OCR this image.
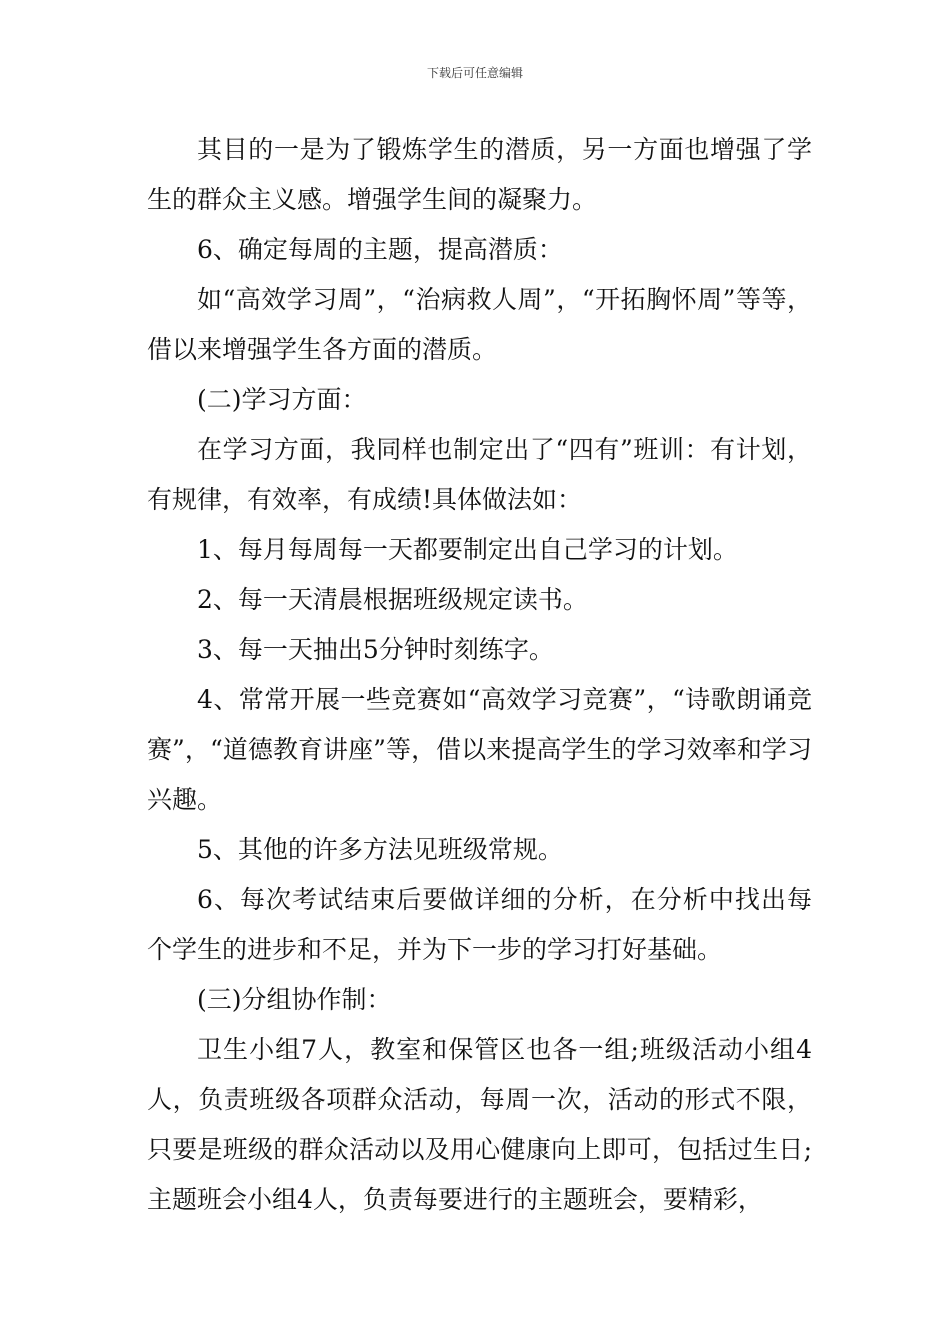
下载后可任意编辑

其目的一是为了锻炼学生的潜质，另一方面也增强了学生的群众主义感。增强学生间的凝聚力。

6、确定每周的主题，提高潜质：

如“高效学习周”，“治病救人周”，“开拓胸怀周”等等，借以来增强学生各方面的潜质。

(二)学习方面：

在学习方面，我同样也制定出了“四有”班训：有计划，有规律，有效率，有成绩!具体做法如：

1、每月每周每一天都要制定出自己学习的计划。

2、每一天清晨根据班级规定读书。

3、每一天抽出5分钟时刻练字。

4、常常开展一些竞赛如“高效学习竞赛”，“诗歌朗诵竞赛”，“道德教育讲座”等，借以来提高学生的学习效率和学习兴趣。

5、其他的许多方法见班级常规。

6、每次考试结束后要做详细的分析，在分析中找出每个学生的进步和不足，并为下一步的学习打好基础。

(三)分组协作制：

卫生小组7人，教室和保管区也各一组;班级活动小组4人，负责班级各项群众活动，每周一次，活动的形式不限，只要是班级的群众活动以及用心健康向上即可，包括过生日;主题班会小组4人，负责每要进行的主题班会，要精彩，
